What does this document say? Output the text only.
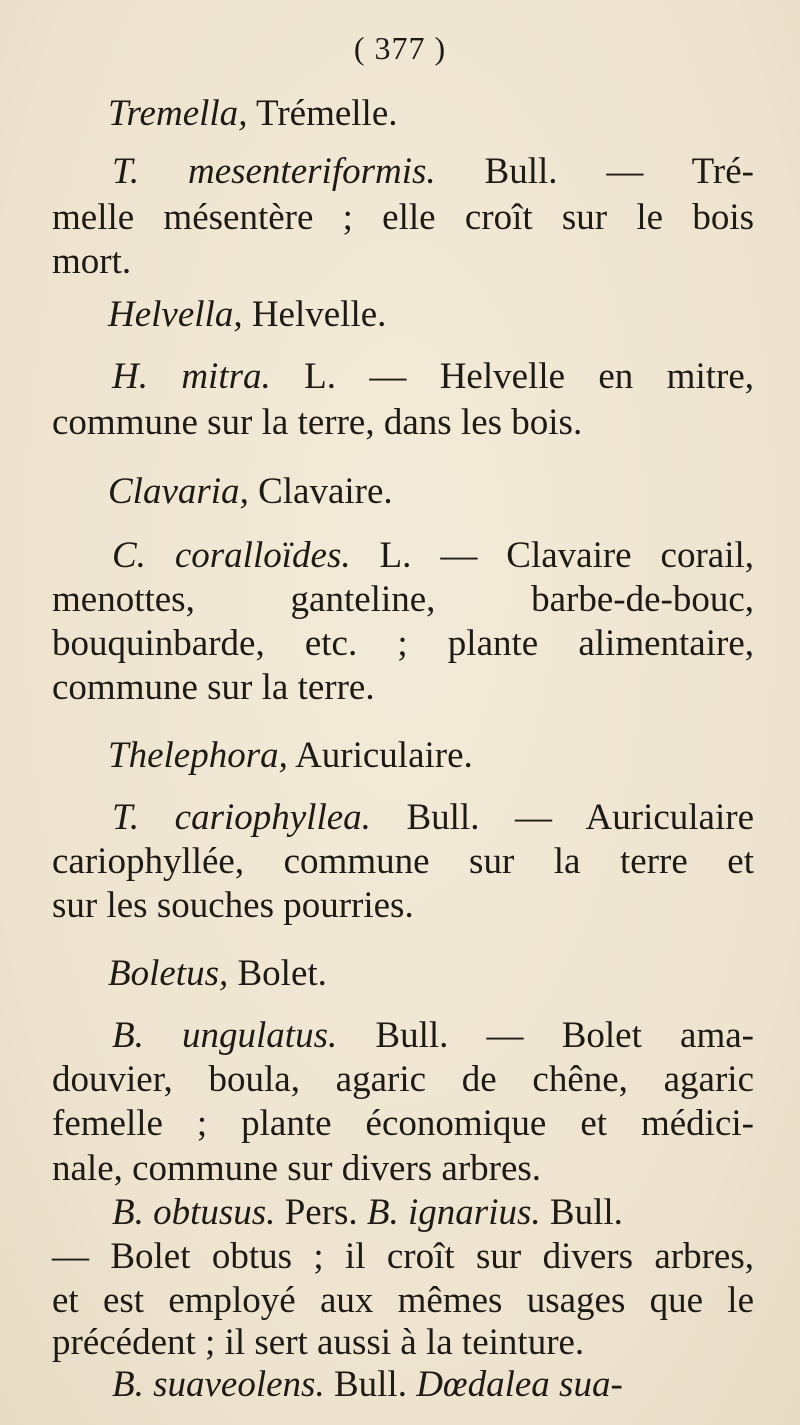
( 377 )
Tremella, Trémelle.
T. mesenteriformis. Bull. — Tré-
melle mésentère ; elle croît sur le bois
mort.
Helvella, Helvelle.
H. mitra. L. — Helvelle en mitre,
commune sur la terre, dans les bois.
Clavaria, Clavaire.
C. coralloïdes. L. — Clavaire corail,
menottes, ganteline, barbe-de-bouc,
bouquinbarde, etc. ; plante alimentaire,
commune sur la terre.
Thelephora, Auriculaire.
T. cariophyllea. Bull. — Auriculaire
cariophyllée, commune sur la terre et
sur les souches pourries.
Boletus, Bolet.
B. ungulatus. Bull. — Bolet ama-
douvier, boula, agaric de chêne, agaric
femelle ; plante économique et médici-
nale, commune sur divers arbres.
B. obtusus. Pers. B. ignarius. Bull.
— Bolet obtus ; il croît sur divers arbres,
et est employé aux mêmes usages que le
précédent ; il sert aussi à la teinture.
B. suaveolens. Bull. Dœdalea sua-
